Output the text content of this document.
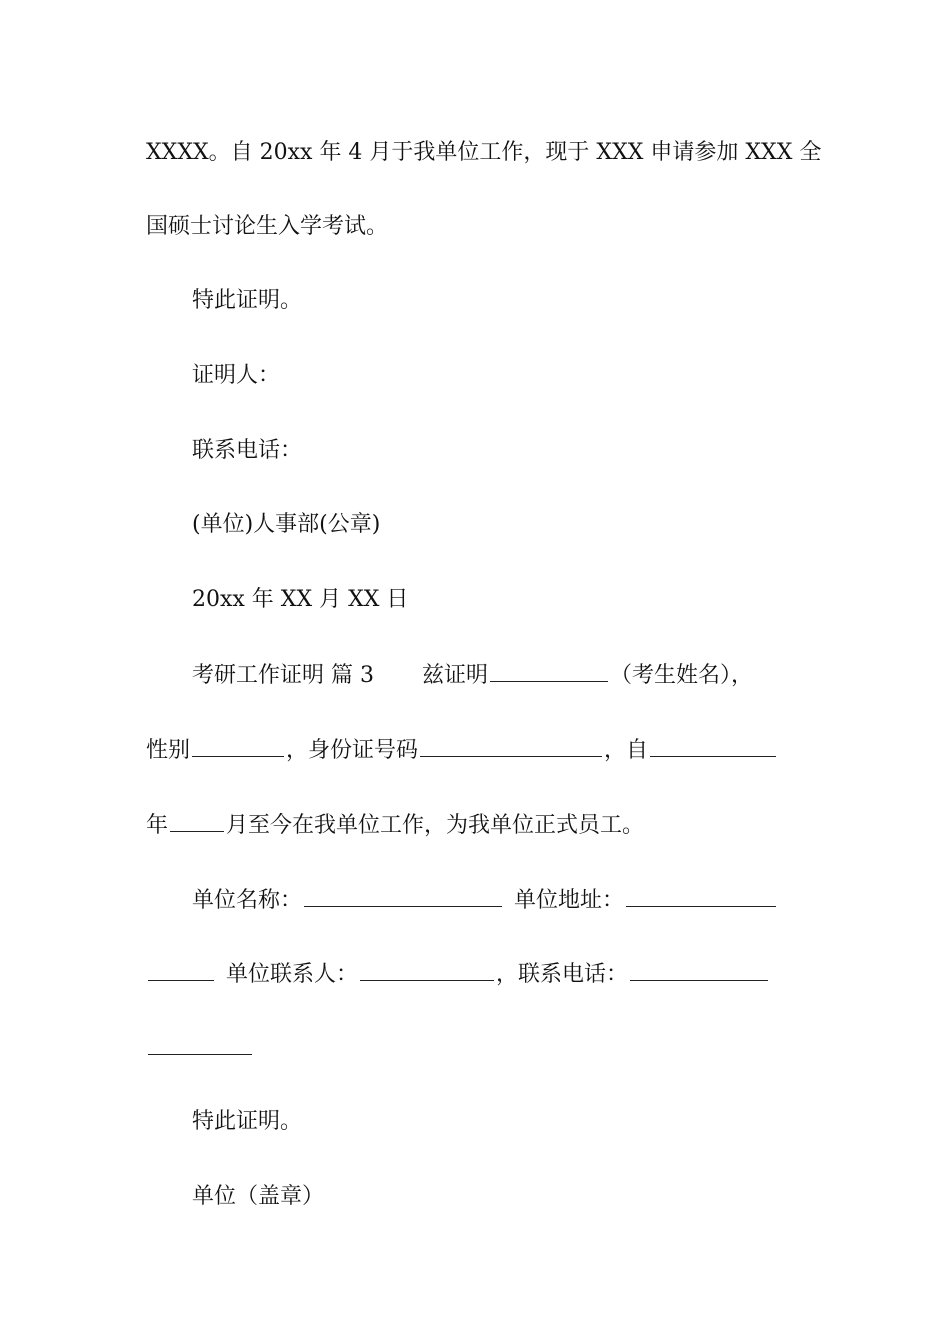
XXXX。自 20xx 年 4 月于我单位工作，现于 XXX 申请参加 XXX 全
国硕士讨论生入学考试。
特此证明。
证明人：
联系电话：
(单位)人事部(公章)
20xx 年 XX 月 XX 日
考研工作证明 篇 3 兹证明	（考生姓名），
性别	，身份证号码	，自
年	月至今在我单位工作，为我单位正式员工。
单位名称：	单位地址：
单位联系人：	，联系电话：
特此证明。
单位（盖章）
